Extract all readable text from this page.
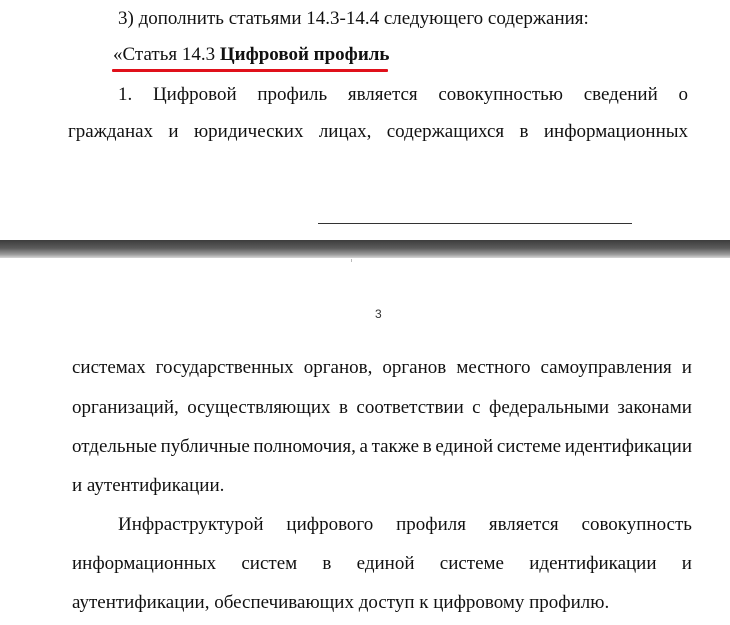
3) дополнить статьями 14.3-14.4 следующего содержания:
«Статья 14.3 Цифровой профиль
1. Цифровой профиль является совокупностью сведений о
гражданах и юридических лицах, содержащихся в информационных
3
системах государственных органов, органов местного самоуправления и
организаций, осуществляющих в соответствии с федеральными законами
отдельные публичные полномочия, а также в единой системе идентификации
и аутентификации.
Инфраструктурой цифрового профиля является совокупность
информационных систем в единой системе идентификации и
аутентификации, обеспечивающих доступ к цифровому профилю.
